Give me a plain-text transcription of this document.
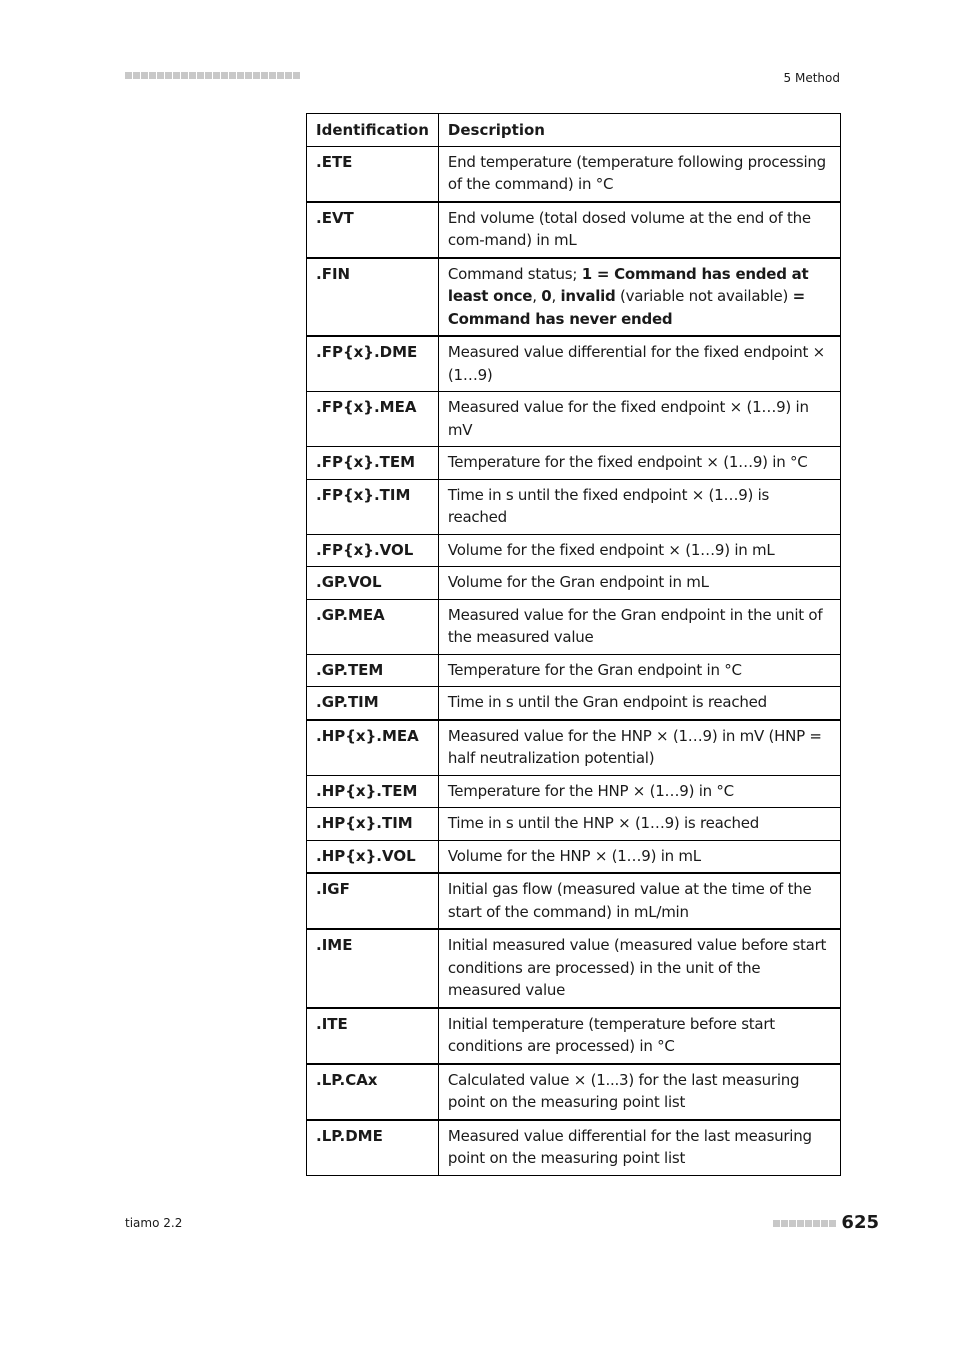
5 Method
Identification	Description
.ETE	End temperature (temperature following processing of the command) in °C
.EVT	End volume (total dosed volume at the end of the com-mand) in mL
.FIN	Command status; 1 = Command has ended at least once, 0, invalid (variable not available) = Command has never ended
.FP{x}.DME	Measured value differential for the fixed endpoint × (1…9)
.FP{x}.MEA	Measured value for the fixed endpoint × (1…9) in mV
.FP{x}.TEM	Temperature for the fixed endpoint × (1…9) in °C
.FP{x}.TIM	Time in s until the fixed endpoint × (1…9) is reached
.FP{x}.VOL	Volume for the fixed endpoint × (1…9) in mL
.GP.VOL	Volume for the Gran endpoint in mL
.GP.MEA	Measured value for the Gran endpoint in the unit of the measured value
.GP.TEM	Temperature for the Gran endpoint in °C
.GP.TIM	Time in s until the Gran endpoint is reached
.HP{x}.MEA	Measured value for the HNP × (1…9) in mV (HNP = half neutralization potential)
.HP{x}.TEM	Temperature for the HNP × (1…9) in °C
.HP{x}.TIM	Time in s until the HNP × (1…9) is reached
.HP{x}.VOL	Volume for the HNP × (1…9) in mL
.IGF	Initial gas flow (measured value at the time of the start of the command) in mL/min
.IME	Initial measured value (measured value before start conditions are processed) in the unit of the measured value
.ITE	Initial temperature (temperature before start conditions are processed) in °C
.LP.CAx	Calculated value × (1...3) for the last measuring point on the measuring point list
.LP.DME	Measured value differential for the last measuring point on the measuring point list
tiamo 2.2	625
